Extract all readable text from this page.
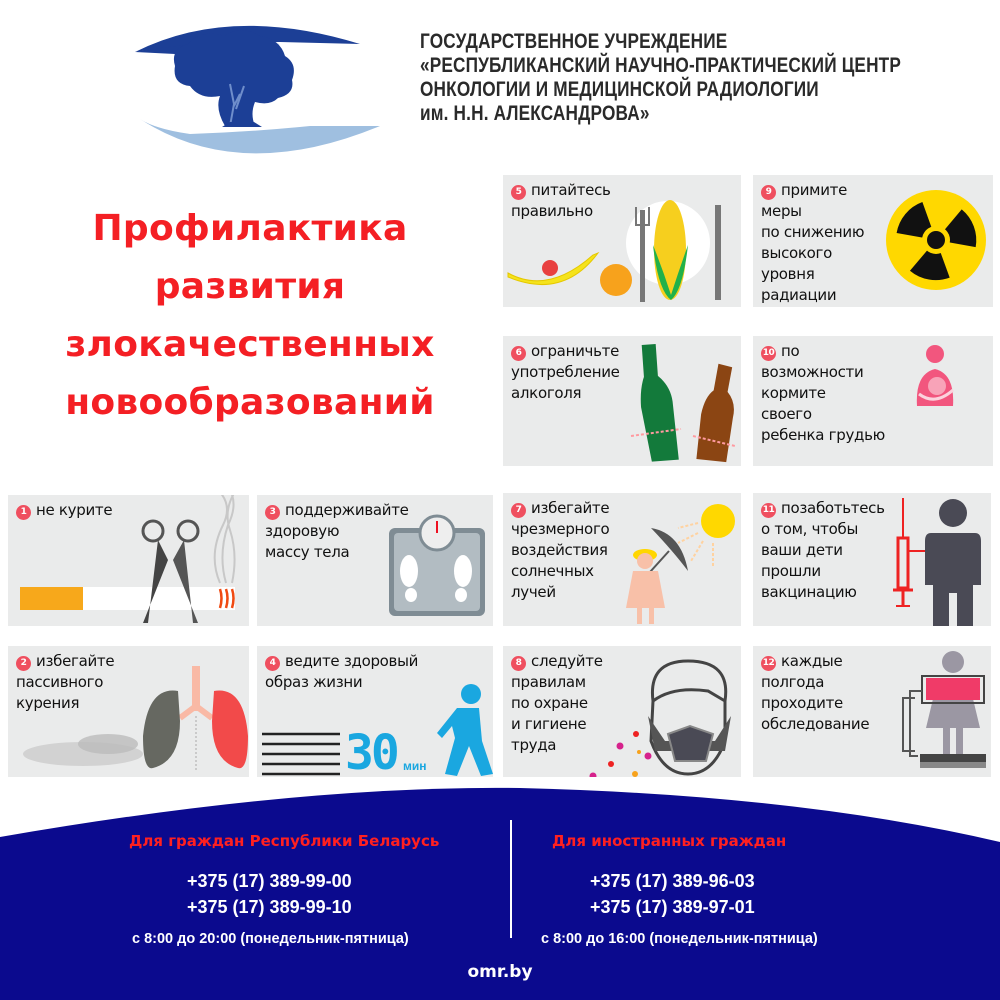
ГОСУДАРСТВЕННОЕ УЧРЕЖДЕНИЕ
«РЕСПУБЛИКАНСКИЙ НАУЧНО-ПРАКТИЧЕСКИЙ ЦЕНТР
ОНКОЛОГИИ И МЕДИЦИНСКОЙ РАДИОЛОГИИ
им. Н.Н. АЛЕКСАНДРОВА»
Профилактика
развития
злокачественных
новообразований
5 питайтесь
правильно
9 примите
меры
по снижению
высокого
уровня
радиации
6 ограничьте
употребление
алкоголя
10 по
возможности
кормите
своего
ребенка грудью
1 не курите	3 поддерживайте
здоровую
массу тела
7 избегайте
чрезмерного
воздействия
солнечных
лучей
11 позаботьтесь
о том, чтобы
ваши дети
прошли
вакцинацию
2 избегайте
пассивного
курения
4 ведите здоровый
образ жизни
30 мин
8 следуйте
правилам
по охране
и гигиене
труда
12 каждые
полгода
проходите
обследование
Для граждан Республики Беларусь
+375 (17) 389-99-00
+375 (17) 389-99-10
с 8:00 до 20:00 (понедельник-пятница)
Для иностранных граждан
+375 (17) 389-96-03
+375 (17) 389-97-01
с 8:00 до 16:00 (понедельник-пятница)
omr.by
